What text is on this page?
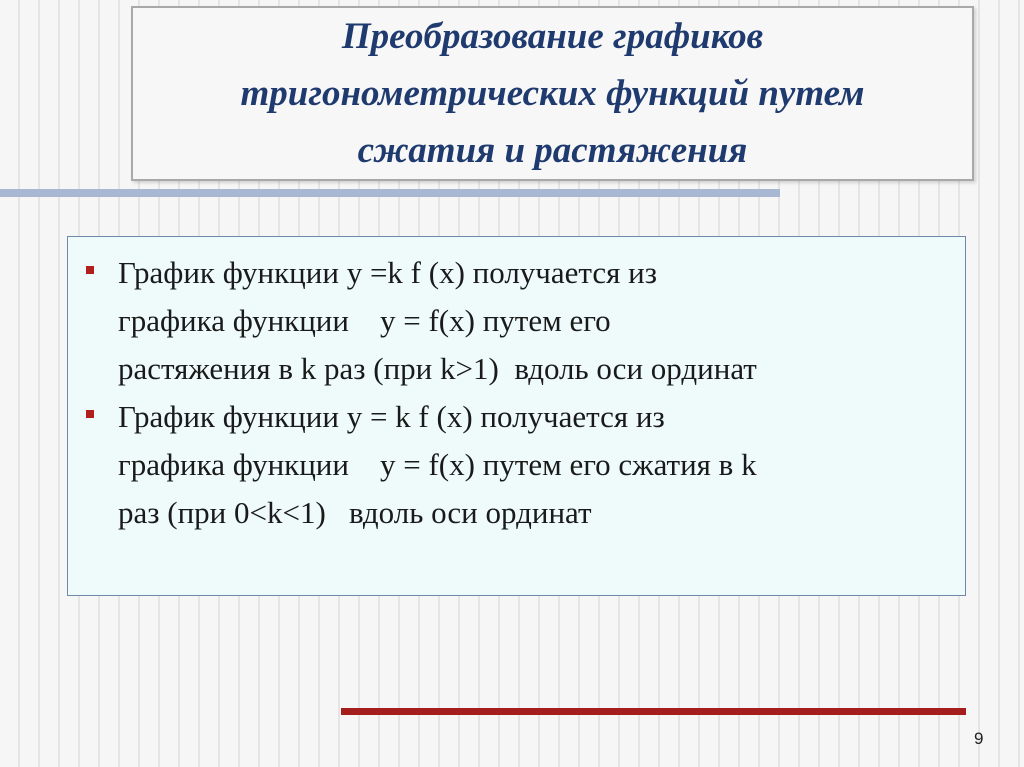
Преобразование графиков
тригонометрических функций путем
сжатия и растяжения
График функции у =k f (x) получается из
графика функции    у = f(x) путем его
растяжения в k раз (при k>1)  вдоль оси ординат
График функции у = k f (x) получается из
графика функции    у = f(x) путем его сжатия в k
раз (при 0<k<1)   вдоль оси ординат
9
